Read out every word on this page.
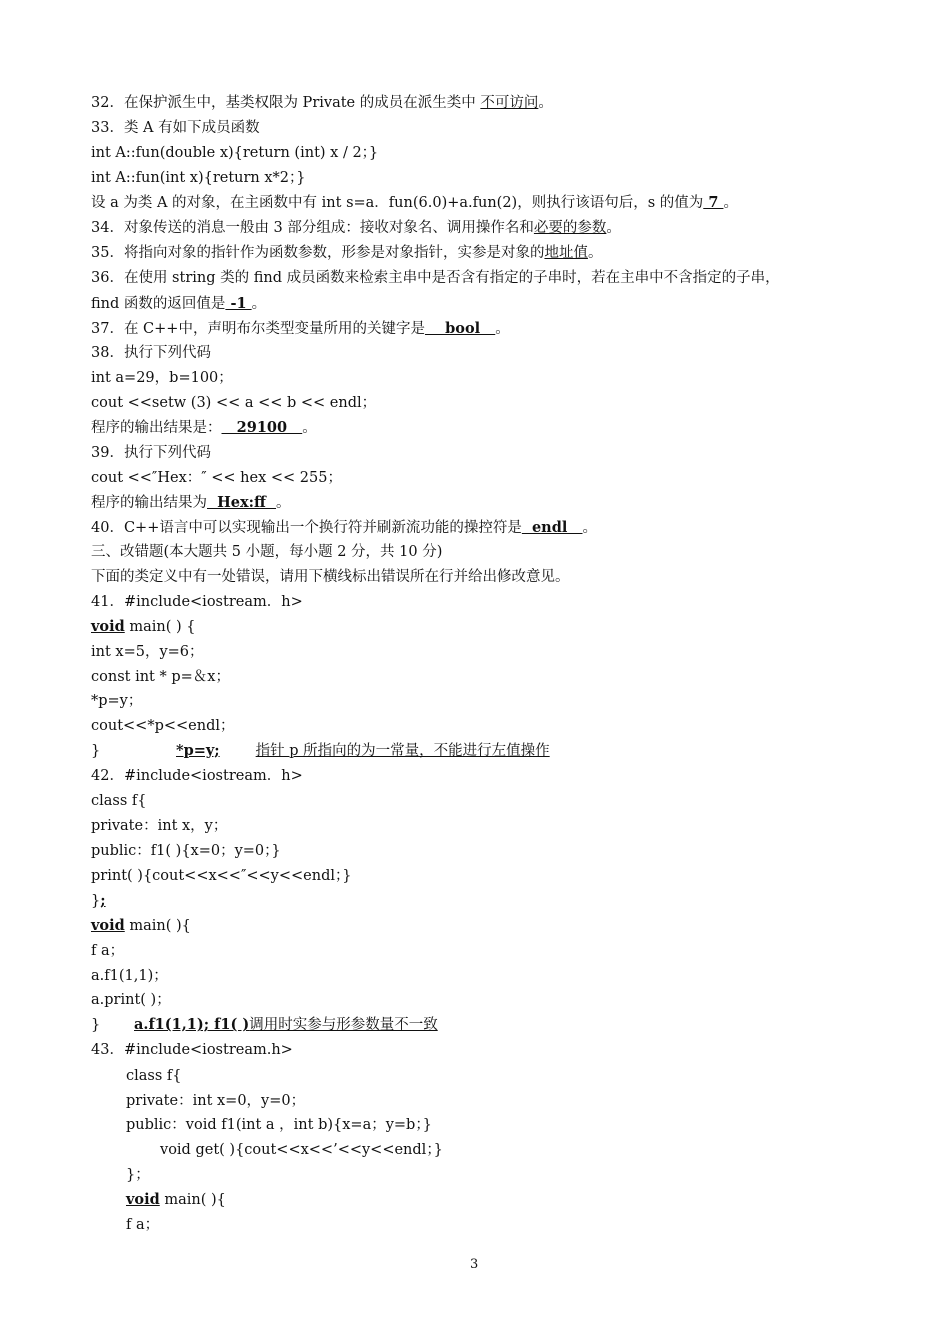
32．在保护派生中，基类权限为 Private 的成员在派生类中 不可访问。
33．类 A 有如下成员函数
int A::fun(double x){return (int) x / 2；}
int A::fun(int x){return x*2；}
设 a 为类 A 的对象，在主函数中有 int s=a．fun(6.0)+a.fun(2)，则执行该语句后，s 的值为 7 。
34．对象传送的消息一般由 3 部分组成：接收对象名、调用操作名和必要的参数。
35．将指向对象的指针作为函数参数，形参是对象指针，实参是对象的地址值。
36．在使用 string 类的 find 成员函数来检索主串中是否含有指定的子串时，若在主串中不含指定的子串，
find 函数的返回值是 -1 。
37．在 C++中，声明布尔类型变量所用的关键字是    bool   。
38．执行下列代码
int a=29，b=100；
cout <<setw (3) << a << b << endl；
程序的输出结果是：   29100   。
39．执行下列代码
cout <<″Hex：″ << hex << 255；
程序的输出结果为  Hex:ff  。
40．C++语言中可以实现输出一个换行符并刷新流功能的操控符是  endl   。
三、改错题(本大题共 5 小题，每小题 2 分，共 10 分)
下面的类定义中有一处错误，请用下横线标出错误所在行并给出修改意见。
41．#include<iostream．h>
void main( ) {
int x=5，y=6；
const int * p=＆x；
*p=y；
cout<<*p<<endl；
}	*p=y; 指针 p 所指向的为一常量，不能进行左值操作
42．#include<iostream．h>
class f{
private：int x，y；
public：f1( ){x=0；y=0；}
print( ){cout<<x<<″<<y<<endl；}
};
void main( ){
f a；
a.f1(1,1)；
a.print( )；
}	a.f1(1,1); f1( )调用时实参与形参数量不一致
43．#include<iostream.h>
class f{
private：int x=0，y=0；
public：void f1(int a ，int b){x=a；y=b；}
void get( ){cout<<x<<’<<y<<endl；}
}；
void main( ){
f a；
3
